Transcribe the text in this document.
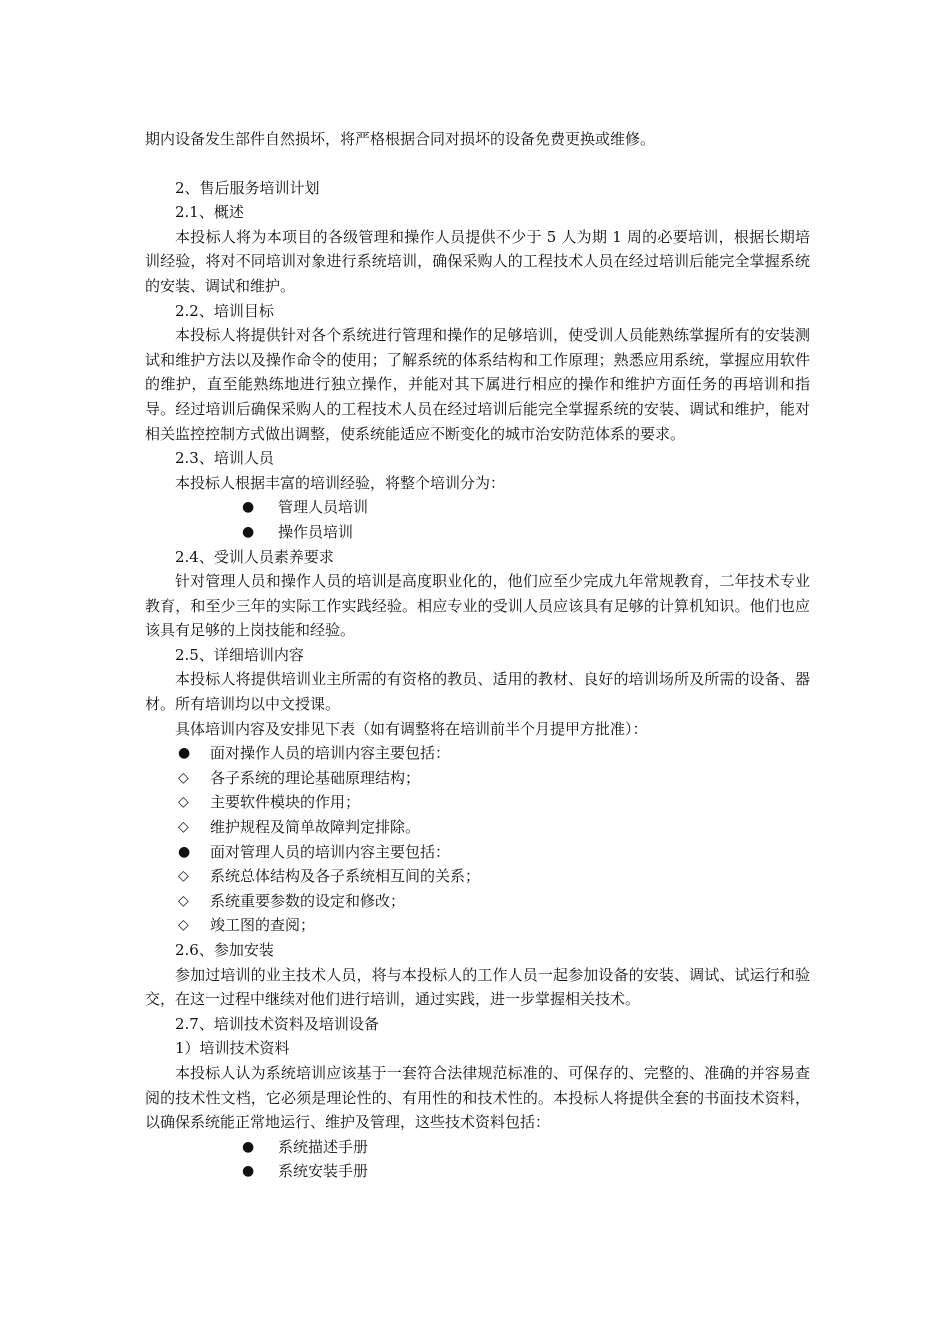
期内设备发生部件自然损坏，将严格根据合同对损坏的设备免费更换或维修。
2、售后服务培训计划
2.1、概述
本投标人将为本项目的各级管理和操作人员提供不少于 5 人为期 1 周的必要培训，根据长期培训经验，将对不同培训对象进行系统培训，确保采购人的工程技术人员在经过培训后能完全掌握系统的安装、调试和维护。
2.2、培训目标
本投标人将提供针对各个系统进行管理和操作的足够培训，使受训人员能熟练掌握所有的安装测试和维护方法以及操作命令的使用；了解系统的体系结构和工作原理；熟悉应用系统，掌握应用软件的维护，直至能熟练地进行独立操作，并能对其下属进行相应的操作和维护方面任务的再培训和指导。经过培训后确保采购人的工程技术人员在经过培训后能完全掌握系统的安装、调试和维护，能对相关监控控制方式做出调整，使系统能适应不断变化的城市治安防范体系的要求。
2.3、培训人员
本投标人根据丰富的培训经验，将整个培训分为：
● 管理人员培训
● 操作员培训
2.4、受训人员素养要求
针对管理人员和操作人员的培训是高度职业化的，他们应至少完成九年常规教育，二年技术专业教育，和至少三年的实际工作实践经验。相应专业的受训人员应该具有足够的计算机知识。他们也应该具有足够的上岗技能和经验。
2.5、详细培训内容
本投标人将提供培训业主所需的有资格的教员、适用的教材、良好的培训场所及所需的设备、器材。所有培训均以中文授课。
具体培训内容及安排见下表（如有调整将在培训前半个月提甲方批准）：
● 面对操作人员的培训内容主要包括：
◇ 各子系统的理论基础原理结构；
◇ 主要软件模块的作用；
◇ 维护规程及简单故障判定排除。
● 面对管理人员的培训内容主要包括：
◇ 系统总体结构及各子系统相互间的关系；
◇ 系统重要参数的设定和修改；
◇ 竣工图的查阅；
2.6、参加安装
参加过培训的业主技术人员，将与本投标人的工作人员一起参加设备的安装、调试、试运行和验交，在这一过程中继续对他们进行培训，通过实践，进一步掌握相关技术。
2.7、培训技术资料及培训设备
1）培训技术资料
本投标人认为系统培训应该基于一套符合法律规范标准的、可保存的、完整的、准确的并容易查阅的技术性文档，它必须是理论性的、有用性的和技术性的。本投标人将提供全套的书面技术资料，以确保系统能正常地运行、维护及管理，这些技术资料包括：
● 系统描述手册
● 系统安装手册
